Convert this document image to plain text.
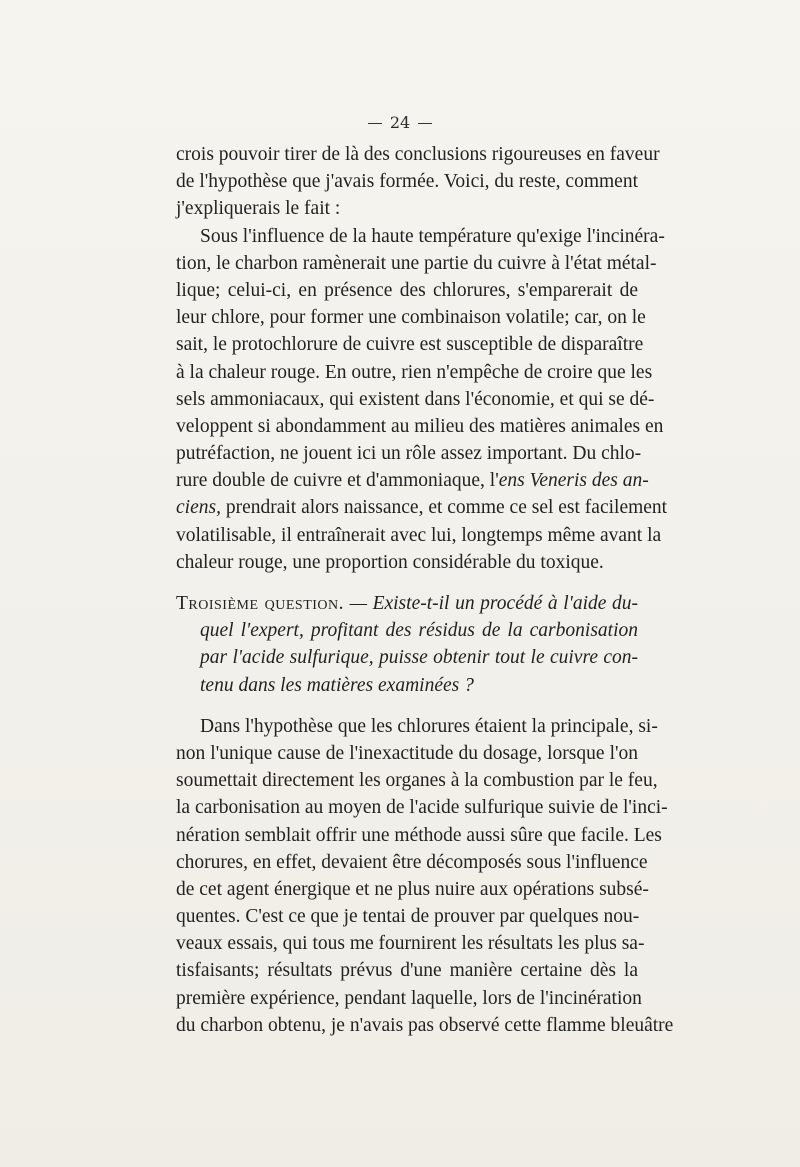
24
crois pouvoir tirer de là des conclusions rigoureuses en faveur
de l'hypothèse que j'avais formée. Voici, du reste, comment
j'expliquerais le fait :
Sous l'influence de la haute température qu'exige l'incinéra-
tion, le charbon ramènerait une partie du cuivre à l'état métal-
lique; celui-ci, en présence des chlorures, s'emparerait de
leur chlore, pour former une combinaison volatile; car, on le
sait, le protochlorure de cuivre est susceptible de disparaître
à la chaleur rouge. En outre, rien n'empêche de croire que les
sels ammoniacaux, qui existent dans l'économie, et qui se dé-
veloppent si abondamment au milieu des matières animales en
putréfaction, ne jouent ici un rôle assez important. Du chlo-
rure double de cuivre et d'ammoniaque, l'ens Veneris des an-
ciens, prendrait alors naissance, et comme ce sel est facilement
volatilisable, il entraînerait avec lui, longtemps même avant la
chaleur rouge, une proportion considérable du toxique.
Troisième question. — Existe-t-il un procédé à l'aide du-
quel l'expert, profitant des résidus de la carbonisation
par l'acide sulfurique, puisse obtenir tout le cuivre con-
tenu dans les matières examinées ?
Dans l'hypothèse que les chlorures étaient la principale, si-
non l'unique cause de l'inexactitude du dosage, lorsque l'on
soumettait directement les organes à la combustion par le feu,
la carbonisation au moyen de l'acide sulfurique suivie de l'inci-
nération semblait offrir une méthode aussi sûre que facile. Les
chorures, en effet, devaient être décomposés sous l'influence
de cet agent énergique et ne plus nuire aux opérations subsé-
quentes. C'est ce que je tentai de prouver par quelques nou-
veaux essais, qui tous me fournirent les résultats les plus sa-
tisfaisants; résultats prévus d'une manière certaine dès la
première expérience, pendant laquelle, lors de l'incinération
du charbon obtenu, je n'avais pas observé cette flamme bleuâtre
